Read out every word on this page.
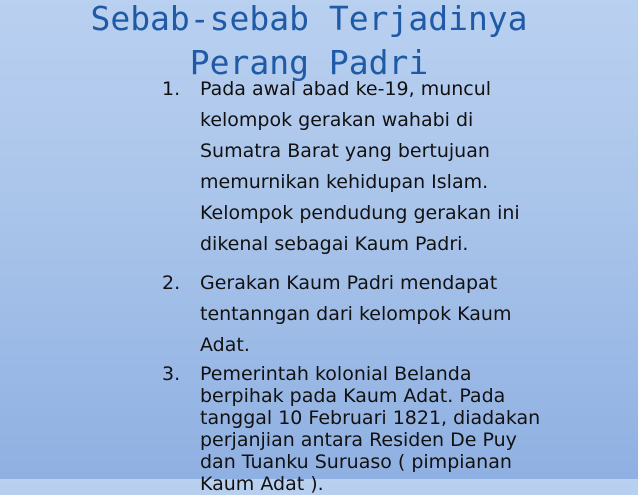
Sebab-sebab Terjadinya
Perang Padri
1. Pada awal abad ke-19, muncul
kelompok gerakan wahabi di
Sumatra Barat yang bertujuan
memurnikan kehidupan Islam.
Kelompok pendudung gerakan ini
dikenal sebagai Kaum Padri.
2. Gerakan Kaum Padri mendapat
tentanngan dari kelompok Kaum
Adat.
3. Pemerintah kolonial Belanda
berpihak pada Kaum Adat. Pada
tanggal 10 Februari 1821, diadakan
perjanjian antara Residen De Puy
dan Tuanku Suruaso ( pimpianan
Kaum Adat ).
